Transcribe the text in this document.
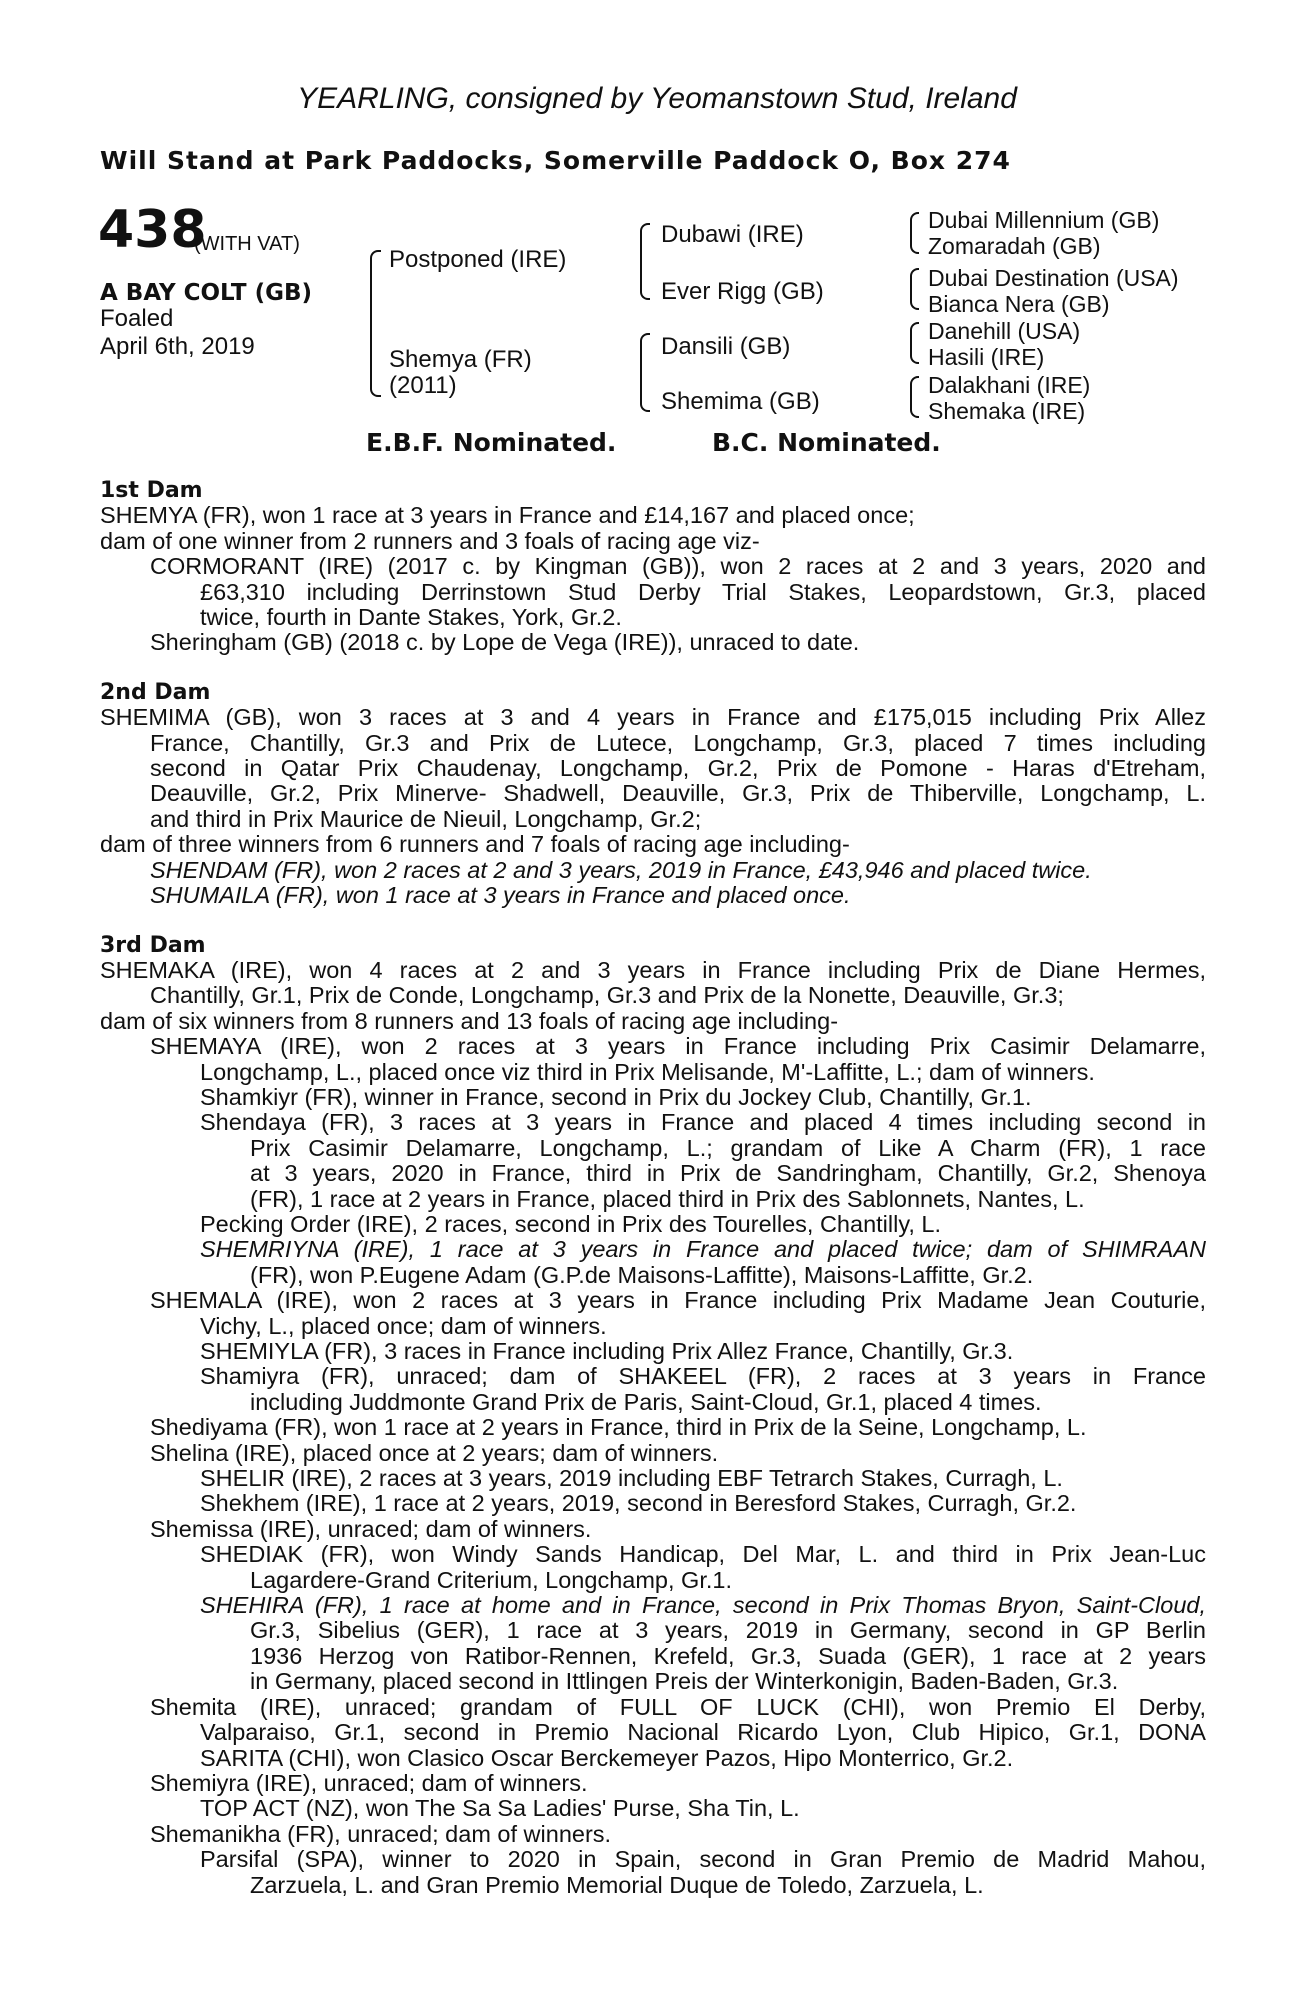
YEARLING, consigned by Yeomanstown Stud, Ireland
Will Stand at Park Paddocks, Somerville Paddock O, Box 274
438
(WITH VAT)
A BAY COLT (GB)
Foaled
April 6th, 2019
Postponed (IRE)
Shemya (FR)
(2011)
Dubawi (IRE)
Ever Rigg (GB)
Dansili (GB)
Shemima (GB)
Dubai Millennium (GB)
Zomaradah (GB)
Dubai Destination (USA)
Bianca Nera (GB)
Danehill (USA)
Hasili (IRE)
Dalakhani (IRE)
Shemaka (IRE)
E.B.F. Nominated.	B.C. Nominated.
1st Dam
SHEMYA (FR), won 1 race at 3 years in France and £14,167 and placed once;
dam of one winner from 2 runners and 3 foals of racing age viz-
CORMORANT (IRE) (2017 c. by Kingman (GB)), won 2 races at 2 and 3 years, 2020 and
£63,310 including Derrinstown Stud Derby Trial Stakes, Leopardstown, Gr.3, placed
twice, fourth in Dante Stakes, York, Gr.2.
Sheringham (GB) (2018 c. by Lope de Vega (IRE)), unraced to date.
2nd Dam
SHEMIMA (GB), won 3 races at 3 and 4 years in France and £175,015 including Prix Allez
France, Chantilly, Gr.3 and Prix de Lutece, Longchamp, Gr.3, placed 7 times including
second in Qatar Prix Chaudenay, Longchamp, Gr.2, Prix de Pomone - Haras d'Etreham,
Deauville, Gr.2, Prix Minerve- Shadwell, Deauville, Gr.3, Prix de Thiberville, Longchamp, L.
and third in Prix Maurice de Nieuil, Longchamp, Gr.2;
dam of three winners from 6 runners and 7 foals of racing age including-
SHENDAM (FR), won 2 races at 2 and 3 years, 2019 in France, £43,946 and placed twice.
SHUMAILA (FR), won 1 race at 3 years in France and placed once.
3rd Dam
SHEMAKA (IRE), won 4 races at 2 and 3 years in France including Prix de Diane Hermes,
Chantilly, Gr.1, Prix de Conde, Longchamp, Gr.3 and Prix de la Nonette, Deauville, Gr.3;
dam of six winners from 8 runners and 13 foals of racing age including-
SHEMAYA (IRE), won 2 races at 3 years in France including Prix Casimir Delamarre,
Longchamp, L., placed once viz third in Prix Melisande, M'-Laffitte, L.; dam of winners.
Shamkiyr (FR), winner in France, second in Prix du Jockey Club, Chantilly, Gr.1.
Shendaya (FR), 3 races at 3 years in France and placed 4 times including second in
Prix Casimir Delamarre, Longchamp, L.; grandam of Like A Charm (FR), 1 race
at 3 years, 2020 in France, third in Prix de Sandringham, Chantilly, Gr.2, Shenoya
(FR), 1 race at 2 years in France, placed third in Prix des Sablonnets, Nantes, L.
Pecking Order (IRE), 2 races, second in Prix des Tourelles, Chantilly, L.
SHEMRIYNA (IRE), 1 race at 3 years in France and placed twice; dam of SHIMRAAN
(FR), won P.Eugene Adam (G.P.de Maisons-Laffitte), Maisons-Laffitte, Gr.2.
SHEMALA (IRE), won 2 races at 3 years in France including Prix Madame Jean Couturie,
Vichy, L., placed once; dam of winners.
SHEMIYLA (FR), 3 races in France including Prix Allez France, Chantilly, Gr.3.
Shamiyra (FR), unraced; dam of SHAKEEL (FR), 2 races at 3 years in France
including Juddmonte Grand Prix de Paris, Saint-Cloud, Gr.1, placed 4 times.
Shediyama (FR), won 1 race at 2 years in France, third in Prix de la Seine, Longchamp, L.
Shelina (IRE), placed once at 2 years; dam of winners.
SHELIR (IRE), 2 races at 3 years, 2019 including EBF Tetrarch Stakes, Curragh, L.
Shekhem (IRE), 1 race at 2 years, 2019, second in Beresford Stakes, Curragh, Gr.2.
Shemissa (IRE), unraced; dam of winners.
SHEDIAK (FR), won Windy Sands Handicap, Del Mar, L. and third in Prix Jean-Luc
Lagardere-Grand Criterium, Longchamp, Gr.1.
SHEHIRA (FR), 1 race at home and in France, second in Prix Thomas Bryon, Saint-Cloud,
Gr.3, Sibelius (GER), 1 race at 3 years, 2019 in Germany, second in GP Berlin
1936 Herzog von Ratibor-Rennen, Krefeld, Gr.3, Suada (GER), 1 race at 2 years
in Germany, placed second in Ittlingen Preis der Winterkonigin, Baden-Baden, Gr.3.
Shemita (IRE), unraced; grandam of FULL OF LUCK (CHI), won Premio El Derby,
Valparaiso, Gr.1, second in Premio Nacional Ricardo Lyon, Club Hipico, Gr.1, DONA
SARITA (CHI), won Clasico Oscar Berckemeyer Pazos, Hipo Monterrico, Gr.2.
Shemiyra (IRE), unraced; dam of winners.
TOP ACT (NZ), won The Sa Sa Ladies' Purse, Sha Tin, L.
Shemanikha (FR), unraced; dam of winners.
Parsifal (SPA), winner to 2020 in Spain, second in Gran Premio de Madrid Mahou,
Zarzuela, L. and Gran Premio Memorial Duque de Toledo, Zarzuela, L.
